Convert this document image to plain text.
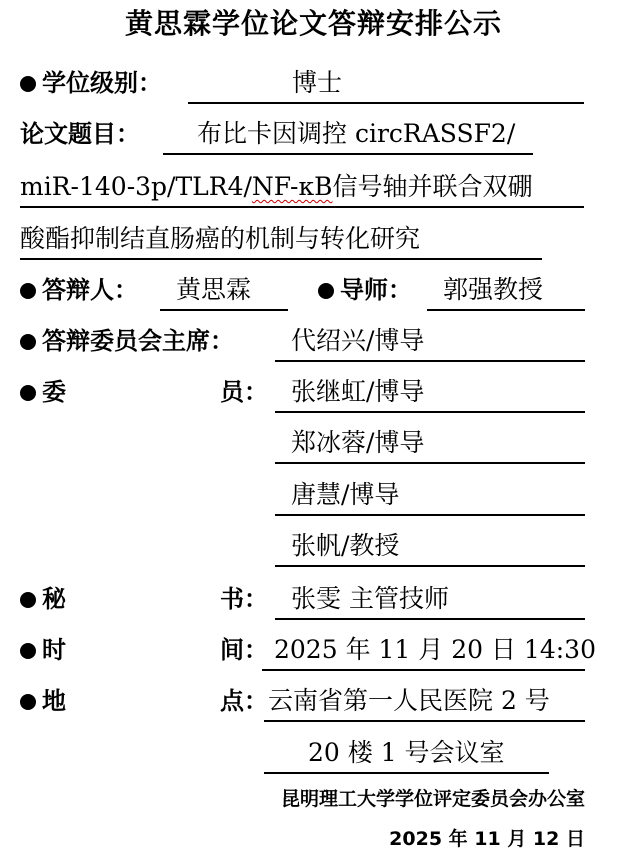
黄思霖学位论文答辩安排公示
学位级别：	博士
论文题目：	布比卡因调控 circRASSF2/
miR-140-3p/TLR4/NF-κB信号轴并联合双硼
酸酯抑制结直肠癌的机制与转化研究
答辩人：	黄思霖	导师：	郭强教授
答辩委员会主席：	代绍兴/博导
委	员： 张继虹/博导
郑冰蓉/博导
唐慧/博导
张帆/教授
秘	书： 张雯 主管技师
时	间： 2025 年 11 月 20 日 14:30
地	点： 云南省第一人民医院 2 号
20 楼 1 号会议室
昆明理工大学学位评定委员会办公室
2025 年 11 月 12 日
